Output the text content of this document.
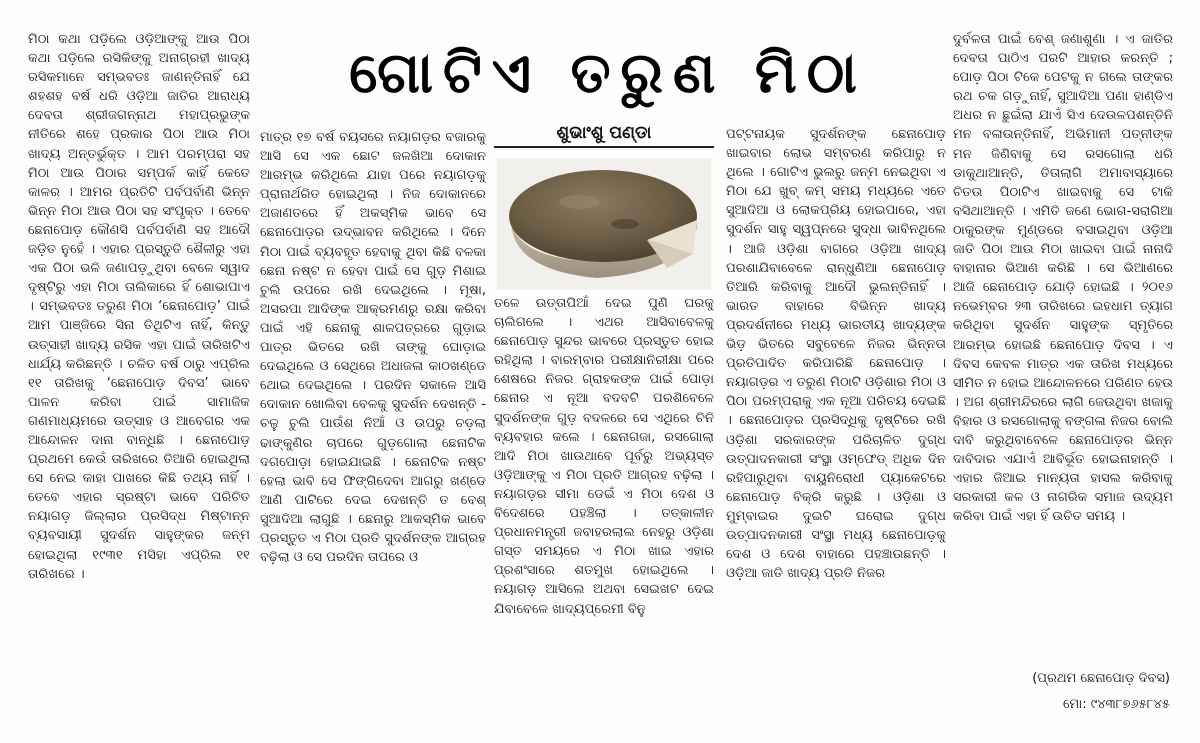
ଗୋଟିଏ ତରୁଣ ମିଠା

ମିଠା କଥା ପଡ଼ିଲେ ଓଡ଼ିଆଙ୍କୁ ଆଉ ପିଠା କଥା ପଡ଼ିଲେ ରସିକିଙ୍କୁ ଅନାଗ୍ରହୀ ଖାଦ୍ୟ ରସିକମାନେ ସମ୍ଭବତଃ ଜାଣନ୍ତିନାହିଁ ଯେ ଶହଶହ ବର୍ଷ ଧରି ଓଡ଼ିଆ ଜାତିର ଆରାଧ୍ୟ ଦେବତା ଶ୍ରୀଜଗନ୍ନାଥ ମହାପ୍ରଭୁଙ୍କ ନୀତିରେ ଶହେ ପ୍ରକାର ପିଠା ଆଉ ମିଠା ଖାଦ୍ୟ ଅନ୍ତର୍ଭୁକ୍ତ । ଆମ ପରମ୍ପରା ସହ ମିଠା ଆଉ ପିଠାର ସମ୍ପର୍କ କାହିଁ କେତେ କାଳର । ଆମର ପ୍ରତିଟି ପର୍ବପର୍ବାଣି ଭିନ୍ନ ଭିନ୍ନ ମିଠା ଆଉ ପିଠା ସହ ସଂପୃକ୍ତ । ତେବେ ଛେନାପୋଡ଼ କୌଣସି ପର୍ବପର୍ବାଣି ସହ ଆଦୌ ଜଡ଼ିତ ନୁହେଁ । ଏହାର ପ୍ରସ୍ତୁତି ଶୈଳୀରୁ ଏହା ଏକ ପିଠା ଭଳି ଜଣାପଡ଼ୁଥିବା ବେଳେ ସ୍ୱାଦ ଦୃଷ୍ଟିରୁ ଏହା ମିଠା ତାଲିକାରେ ହିଁ ଶୋଭାପାଏ । ସମ୍ଭବତଃ ତରୁଣ ମିଠା ‘ଛେନାପୋଡ଼’ ପାଇଁ ଆମ ପାଞ୍ଜିରେ ସିନା ତିଥିଟିଏ ନାହିଁ, କିନ୍ତୁ ଉତ୍ସାହୀ ଖାଦ୍ୟ ରସିକ ଏହା ପାଇଁ ତାରିଖଟିଏ ଧାର୍ଯ୍ୟ କରିଛନ୍ତି । ଚଳିତ ବର୍ଷ ଠାରୁ ଏପ୍ରିଲ ୧୧ ତାରିଖକୁ ‘ଛେନାପୋଡ଼ ଦିବସ’ ଭାବେ ପାଳନ କରିବା ପାଇଁ ସାମାଜିକ ଗଣମାଧ୍ୟମରେ ଉତ୍ସାହ ଓ ଆବେଗର ଏକ ଆନ୍ଦୋଳନ ଦାନା ବାନ୍ଧିଛି । ଛେନାପୋଡ଼ ପ୍ରଥମେ କେଉଁ ତାରିଖରେ ତିଆରି ହୋଇଥିଲା ସେ ନେଇ କାହା ପାଖରେ କିଛି ତଥ୍ୟ ନାହିଁ । ତେବେ ଏହାର ସ୍ରଷ୍ଟା ଭାବେ ପରିଚିତ ନୟାଗଡ଼ ଜିଲ୍ଲାର ପ୍ରସିଦ୍ଧ ମିଷ୍ଟାନ୍ନ ବ୍ୟବସାୟୀ ସୁଦର୍ଶନ ସାହୁଙ୍କର ଜନ୍ମ ହୋଇଥିଲା ୧୯୩୧ ମସିହା ଏପ୍ରିଲ ୧୧ ତାରିଖରେ ।

ମାତ୍ର ୧୭ ବର୍ଷ ବୟସରେ ନୟାଗଡ଼ର ବଜାରକୁ ଆସି ସେ ଏକ ଛୋଟ ଜଳଖିଆ ଦୋକାନ ଆରମ୍ଭ କରିଥିଲେ ଯାହା ପରେ ନୟାଗଡ଼କୁ ପ୍ରାନାର୍ଥରିତ ହୋଇଥିଲା । ନିଜ ଦୋକାନରେ ଅଜାଣତରେ ହିଁ ଅକସ୍ମିକ ଭାବେ ସେ ଛେନାପୋଡ଼ର ଉଦ୍ଭାବନ କରିଥିଲେ । ଦିନେ ମିଠା ପାଇଁ ବ୍ୟବହୃତ ହେବାକୁ ଥିବା କିଛି ବଳକା ଛେନା ନଷ୍ଟ ନ ହେବା ପାଇଁ ସେ ଗୁଡ଼ ମିଶାଇ ଚୁଲି ଉପରେ ରଖି ଦେଇଥିଲେ । ମୂଷା, ଅସରପା ଆଦିଙ୍କ ଆକ୍ରମଣରୁ ରକ୍ଷା କରିବା ପାଇଁ ଏହି ଛେନାକୁ ଶାଳପତ୍ରରେ ଗୁଡ଼ାଇ ପାତ୍ର ଭିତରେ ରଖି ତାଙ୍କୁ ଘୋଡ଼ାଇ ଦେଇଥିଲେ ଓ ସେଥିରେ ଅଧାଜଳା କାଠଖଣ୍ଡେ ଥୋଇ ଦେଇଥିଲେ । ପରଦିନ ସକାଳେ ଆସି ଦୋକାନ ଖୋଲିବା ବେଳକୁ ସୁଦର୍ଶନ ଦେଖନ୍ତି - ଚଳୁ ଚୁଲି ପାଉଁଶ ନିଆଁ ଓ ଉପରୁ ଚଡ଼ଲା ଢାଙ୍କୁଣିର ଚାପରେ ଗୁଡ଼ଗୋଲା ଛେନାଟିକ ଦଗପୋଡ଼ା ହୋଇଯାଇଛି । ଛେନାଟିକ ନଷ୍ଟ ହେଲା ଭାବି ସେ ଫିଙ୍ଗିଦେବା ଆଗରୁ ଖଣ୍ଡେ ଆଣି ପାଟିରେ ଦେଇ ଦେଖନ୍ତି ତ ବେଶ୍ ସୁଆଦିଆ ଲାଗୁଛି । ଛେନାରୁ ଆକସ୍ମିକ ଭାବେ ପ୍ରସ୍ତୁତ ଏ ମିଠା ପ୍ରତି ସୁଦର୍ଶନଙ୍କ ଆଗ୍ରହ ବଢ଼ିଲା ଓ ସେ ପରଦିନ ତାପରେ ଓ

ଶୁଭାଂଶୁ ପଣ୍ଡା

ତଳେ ଉତ୍ତାପିଆଁ ଦେଇ ପୁଣି ଘରକୁ ଚାଲିଗଲେ । ଏଥର ଆସିବାବେଳକୁ ଛେନାପୋଡ଼ ସୁନ୍ଦର ଭାବରେ ପ୍ରସ୍ତୁତ ହୋଇ ରହିଥିଲା । ବାରମ୍ବାର ପରୀକ୍ଷାନିରୀକ୍ଷା ପରେ ଶେଷରେ ନିଜର ଗ୍ରାହକଙ୍କ ପାଇଁ ପୋଡ଼ା ଛେନାର ଏ ନୂଆ ବଦବଟି ପରଶିବେଳେ ସୁଦର୍ଶନଙ୍କ ଗୁଡ଼ ବଦଳରେ ସେ ଏଥିରେ ଚିନି ବ୍ୟବହାର କଲେ । ଛେନାଗଜା, ରସଗୋଲା ଆଦି ମିଠା ଖାଉଥାବେ ପୂର୍ବରୁ ଅଭ୍ୟସ୍ତ ଓଡ଼ିଆଙ୍କୁ ଏ ମିଠା ପ୍ରତି ଆଗ୍ରହ ବଢ଼ିଲା । ନୟାଗଡ଼ର ସୀମା ଡେଇଁ ଏ ମିଠା ଦେଶ ଓ ବିଦେଶରେ ପହଞ୍ଚିଲା । ତତ୍କାଳୀନ ପ୍ରଧାନମନ୍ତ୍ରୀ ଜବାହରଲାଲ ନେହରୁ ଓଡ଼ିଶା ଗସ୍ତ ସମୟରେ ଏ ମିଠା ଖାଇ ଏହାର ପ୍ରଶଂସାରେ ଶତମୁଖ ହୋଇଥିଲେ । ନୟାଗଡ଼ ଆସିଲେ ଅଥବା ସେଇଖଟ ଦେଇ ଯିବାବେଳେ ଖାଦ୍ୟପ୍ରେମୀ ବିନୁ

ପଟ୍ଟନାୟକ ସୁଦର୍ଶନଙ୍କ ଛେନାପୋଡ଼ ଖାଇବାର ଲୋଭ ସମ୍ବରଣ କରିପାରୁ ନ ଥିଲେ । ଗୋଟିଏ ଭୁଲରୁ ଜନ୍ମ ନେଇଥିବା ଏ ମିଠା ଯେ ଖୁବ୍ କମ୍ ସମୟ ମଧ୍ୟରେ ଏତେ ସୁଆଦିଆ ଓ ଲୋକପ୍ରିୟ ହୋଇପାରେ, ଏହା ସୁଦର୍ଶନ ସାହୁ ସ୍ୱପ୍ନରେ ସୁଦ୍ଧା ଭାବିନଥିଲେ । ଆଜି ଓଡ଼ିଶା ବାଗରେ ଓଡ଼ିଆ ଖାଦ୍ୟ ପରଶାଯିବାବେଳେ ରାନ୍ଧୁଣିଆ ଛେନାପୋଡ଼ ତିଆରି କରିବାକୁ ଆଦୌ ଭୁଲନ୍ତିନାହିଁ । ଭାରତ ବାହାରେ ବିଭିନ୍ନ ଖାଦ୍ୟ ପ୍ରଦର୍ଶନୀରେ ମଧ୍ୟ ଭାରତୀୟ ଖାଦ୍ୟଙ୍କ ଭିଡ଼ ଭିତରେ ସବୁବେଳେ ନିଜର ଭିନ୍ନତା ପ୍ରତିପାଦିତ କରିପାରିଛି ଛେନାପୋଡ଼ । ନୟାଗଡ଼ର ଏ ତରୁଣ ମିଠାଟି ଓଡ଼ିଶାର ମିଠା ଓ ପିଠା ପରମ୍ପରାକୁ ଏକ ନୂଆ ପରିଚୟ ଦେଇଛି । ଛେନାପୋଡ଼ର ପ୍ରସିଦ୍ଧିକୁ ଦୃଷ୍ଟିରେ ରଖି ଓଡ଼ିଶା ସରକାରଙ୍କ ପରିଚାଳିତ ଦୁଗ୍ଧ ଉତ୍ପାଦନକାରୀ ସଂସ୍ଥା ଓମ୍ଫେଡ୍ ଅଧିକ ଦିନ ରହିପାରୁଥିବା ବାୟୁନିରୋଧୀ ପ୍ୟାକେଟରେ ଛେନାପୋଡ଼ ବିକ୍ରି କରୁଛି । ଓଡ଼ିଶା ଓ ମୁମ୍ବାଇର ଦୁଇଟି ଘରୋଇ ଦୁଗ୍ଧ ଉତ୍ପାଦନକାରୀ ସଂସ୍ଥା ମଧ୍ୟ ଛେନାପୋଡ଼କୁ ଦେଶ ଓ ଦେଶ ବାହାରେ ପହଞ୍ଚାଉଛନ୍ତି । ଓଡ଼ିଆ ଜାତି ଖାଦ୍ୟ ପ୍ରତି ନିଜର

ଦୁର୍ବଳତା ପାଇଁ ବେଶ୍ ଜଣାଶୁଣା । ଏ ଜାତିର ଦେବତା ପାଠିଏ ପରଟି ଆହାର କରନ୍ତି ; ପୋଡ଼ ପିଠା ଟିକେ ପେଟକୁ ନ ଗଲେ ତାଙ୍କର ରଥ ଚକ ଗଡ଼ୁନାହିଁ, ସୁଆଦିଆ ପଣା ହାଣ୍ଡିଏ ଅଧର ନ ଛୁଇଁଲା ଯାଏଁ ସିଏ ଦେଉଳପଶନ୍ତିନି ମନ ବଳାଉନ୍ତିନାହିଁ, ଅଭିମାନୀ ପତ୍ନୀଙ୍କ ମନ ଜିଣିବାକୁ ସେ ରସଗୋଲା ଧରି ଡାକୁଥାଆନ୍ତି, ତିତାଲାଗି ଅମାବାସ୍ୟାରେ ଚିତଉ ପିଠାଟିଏ ଖାଇବାକୁ ସେ ଟାକି ବସିଥାଆନ୍ତି । ଏମିତି ଜଣେ ଭୋଗ-ସରାଗିଆ ଠାକୁରଙ୍କ ମୁଣ୍ଡରେ ବସାଇଥିବା ଓଡ଼ିଆ ଜାତି ପିଠା ଆଉ ମିଠା ଖାଇବା ପାଇଁ ନାନାଦି ବାହାନାର ଭିଆଣ କରିଛି । ସେ ଭିଆଣରେ ଆଜି ଛେନାପୋଡ଼ ଯୋଡ଼ି ହୋଇଛି । ୨୦୧୬ ନଭେମ୍ବର ୨୩ ତାରିଖରେ ଇହଧାମ ତ୍ୟାଗ କରିଥିବା ସୁଦର୍ଶନ ସାହୁଙ୍କ ସ୍ମୃତିରେ ଆରମ୍ଭ ହୋଇଛି ଛେନାପୋଡ଼ ଦିବସ । ଏ ଦିବସ କେବଳ ମାତ୍ର ଏକ ତାରିଖ ମଧ୍ୟରେ ସୀମିତ ନ ହୋଇ ଆନ୍ଦୋଳନରେ ପରିଣତ ହେଉ । ଅଗ ଶ୍ରୀମନ୍ଦିରରେ ଲାଗି ଜେଉଥିବା ଖଜାକୁ ବିହାର ଓ ରସଗୋଲାକୁ ବଙ୍ଗଳା ନିଜର ବୋଲି ଦାବି କରୁଥିବାବେଳେ ଛେନାପୋଡ଼ର ଭିନ୍ନ ଦାବିଦାର ଏଯାଏଁ ଆବିର୍ଭୂତ ହୋଇନାହାନ୍ତି । ଏହାର ଜିଆଇ ମାନ୍ୟତା ହାସଲ କରିବାକୁ ସରକାରୀ କଳ ଓ ନାଗରିକ ସମାଜ ଉଦ୍ୟମ କରିବା ପାଇଁ ଏହା ହିଁ ଉଚିତ ସମୟ ।

(ପ୍ରଥମ ଛେନାପୋଡ଼ ଦିବସ)
ମୋ: ୯୪୩୮୭୬୫୮୪୫
